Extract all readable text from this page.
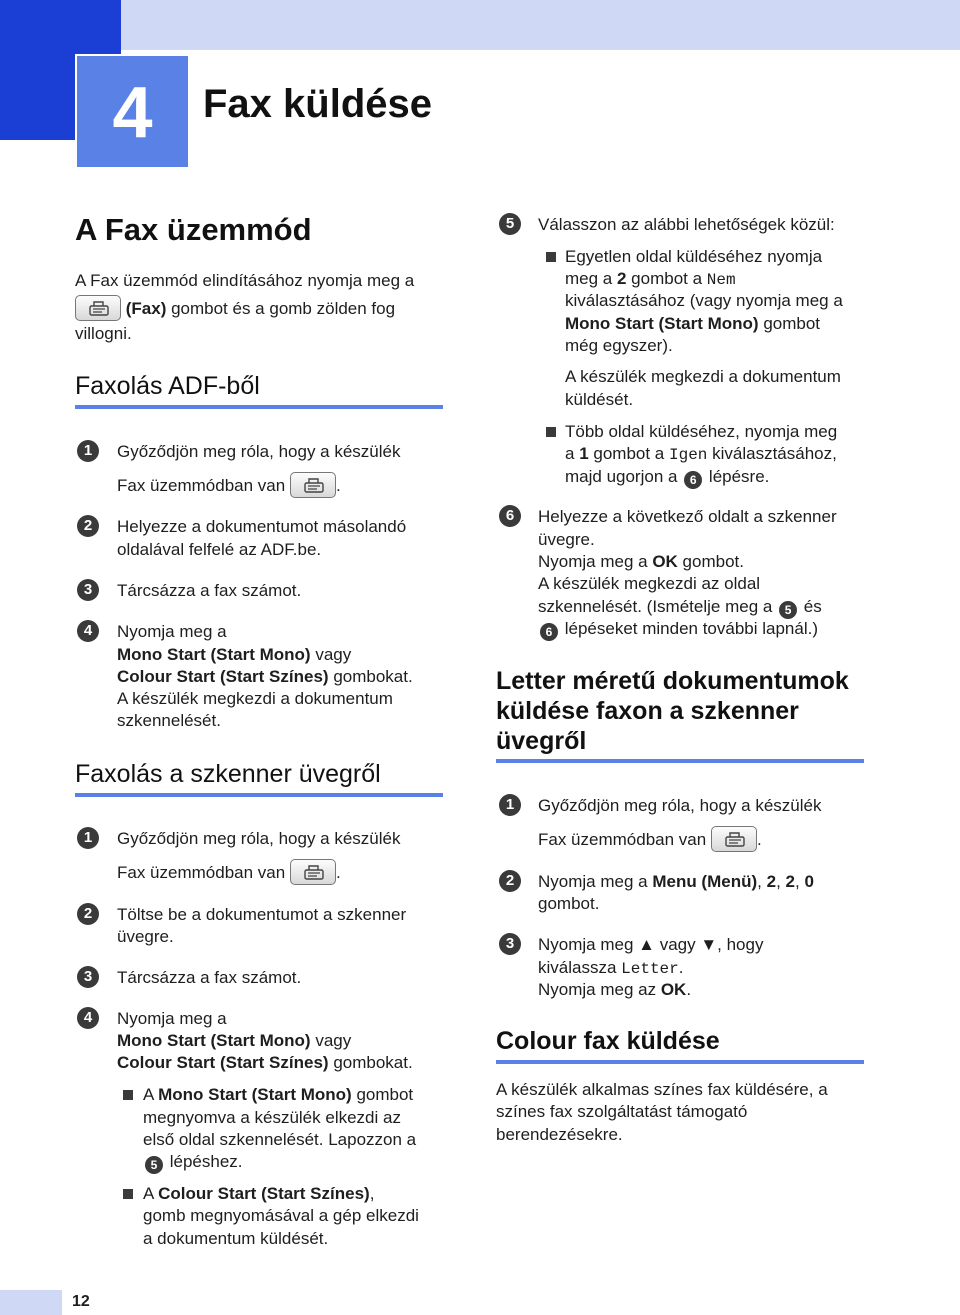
4	Fax küldése
A Fax üzemmód
A Fax üzemmód elindításához nyomja meg a
(Fax) gombot és a gomb zölden fog
villogni.
Faxolás ADF-ből
1	Győződjön meg róla, hogy a készülék
Fax üzemmódban van	.
2	Helyezze a dokumentumot másolandó
oldalával felfelé az ADF.be.
3	Tárcsázza a fax számot.
4	Nyomja meg a
Mono Start (Start Mono) vagy
Colour Start (Start Színes) gombokat.
A készülék megkezdi a dokumentum
szkennelését.
Faxolás a szkenner üvegről
1	Győződjön meg róla, hogy a készülék
Fax üzemmódban van	.
2	Töltse be a dokumentumot a szkenner
üvegre.
3	Tárcsázza a fax számot.
4	Nyomja meg a
Mono Start (Start Mono) vagy
Colour Start (Start Színes) gombokat.
A Mono Start (Start Mono) gombot
megnyomva a készülék elkezdi az
első oldal szkennelését. Lapozzon a
5 lépéshez.
A Colour Start (Start Színes),
gomb megnyomásával a gép elkezdi
a dokumentum küldését.
5	Válasszon az alábbi lehetőségek közül:
Egyetlen oldal küldéséhez nyomja
meg a 2 gombot a Nem
kiválasztásához (vagy nyomja meg a
Mono Start (Start Mono) gombot
még egyszer).
A készülék megkezdi a dokumentum
küldését.
Több oldal küldéséhez, nyomja meg
a 1 gombot a Igen kiválasztásához,
majd ugorjon a 6 lépésre.
6	Helyezze a következő oldalt a szkenner
üvegre.
Nyomja meg a OK gombot.
A készülék megkezdi az oldal
szkennelését. (Ismételje meg a 5 és
6 lépéseket minden további lapnál.)
Letter méretű dokumentumok
küldése faxon a szkenner
üvegről
1	Győződjön meg róla, hogy a készülék
Fax üzemmódban van	.
2	Nyomja meg a Menu (Menü), 2, 2, 0
gombot.
3	Nyomja meg ▲ vagy ▼, hogy
kiválassza Letter.
Nyomja meg az OK.
Colour fax küldése
A készülék alkalmas színes fax küldésére, a
színes fax szolgáltatást támogató
berendezésekre.
12
